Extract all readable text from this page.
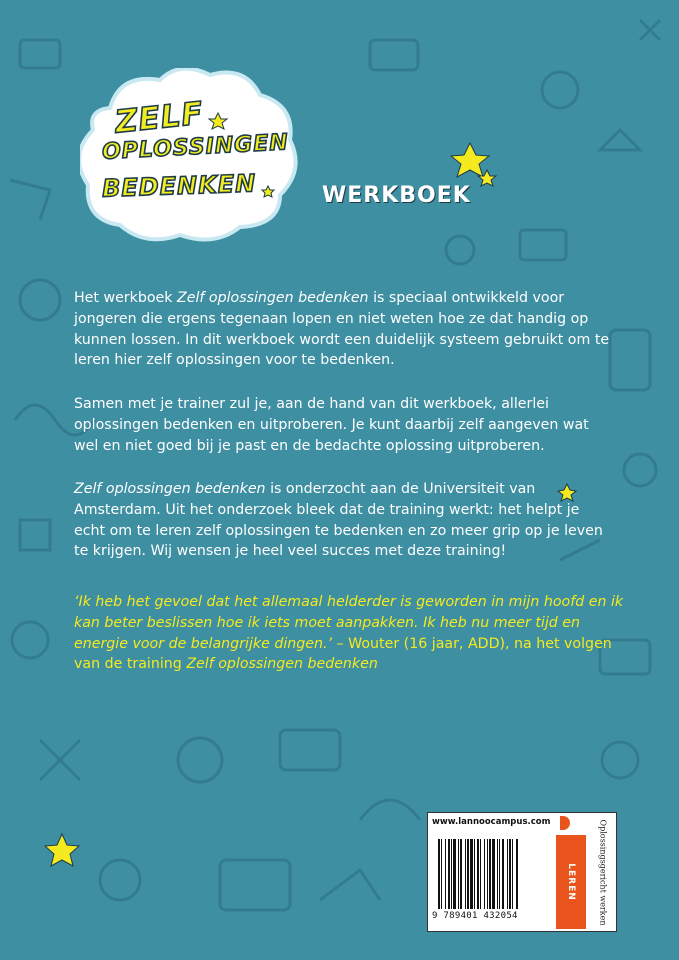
ZELF
OPLOSSINGEN
BEDENKEN	WERKBOEK

Het werkboek Zelf oplossingen bedenken is speciaal ontwikkeld voor jongeren die ergens tegenaan lopen en niet weten hoe ze dat handig op kunnen lossen. In dit werkboek wordt een duidelijk systeem gebruikt om te leren hier zelf oplossingen voor te bedenken.

Samen met je trainer zul je, aan de hand van dit werkboek, allerlei oplossingen bedenken en uitproberen. Je kunt daarbij zelf aangeven wat wel en niet goed bij je past en de bedachte oplossing uitproberen.

Zelf oplossingen bedenken is onderzocht aan de Universiteit van Amsterdam. Uit het onderzoek bleek dat de training werkt: het helpt je echt om te leren zelf oplossingen te bedenken en zo meer grip op je leven te krijgen. Wij wensen je heel veel succes met deze training!

‘Ik heb het gevoel dat het allemaal helderder is geworden in mijn hoofd en ik kan beter beslissen hoe ik iets moet aanpakken. Ik heb nu meer tijd en energie voor de belangrijke dingen.’ – Wouter (16 jaar, ADD), na het volgen van de training Zelf oplossingen bedenken

www.lannoocampus.com
9 789401 432054
LEREN	Oplossingsgericht werken
